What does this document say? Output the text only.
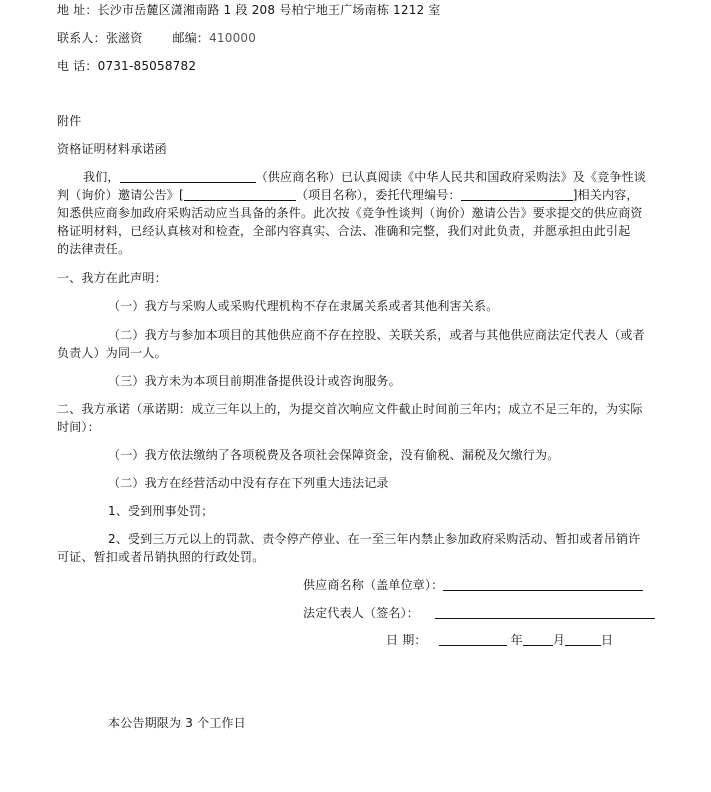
地 址：长沙市岳麓区潇湘南路 1 段 208 号柏宁地王广场南栋 1212 室
联系人：张滋资	邮编：410000
电 话：0731-85058782
附件
资格证明材料承诺函
我们，	（供应商名称）已认真阅读《中华人民共和国政府采购法》及《竞争性谈
判（询价）邀请公告》[	（项目名称），委托代理编号：	]相关内容，
知悉供应商参加政府采购活动应当具备的条件。此次按《竞争性谈判（询价）邀请公告》要求提交的供应商资
格证明材料，已经认真核对和检查，全部内容真实、合法、准确和完整，我们对此负责，并愿承担由此引起
的法律责任。
一、我方在此声明：
（一）我方与采购人或采购代理机构不存在隶属关系或者其他利害关系。
（二）我方与参加本项目的其他供应商不存在控股、关联关系，或者与其他供应商法定代表人（或者
负责人）为同一人。
（三）我方未为本项目前期准备提供设计或咨询服务。
二、我方承诺（承诺期：成立三年以上的，为提交首次响应文件截止时间前三年内；成立不足三年的，为实际
时间）：
（一）我方依法缴纳了各项税费及各项社会保障资金，没有偷税、漏税及欠缴行为。
（二）我方在经营活动中没有存在下列重大违法记录
1、受到刑事处罚；
2、受到三万元以上的罚款、责令停产停业、在一至三年内禁止参加政府采购活动、暂扣或者吊销许
可证、暂扣或者吊销执照的行政处罚。
供应商名称（盖单位章）：
法定代表人（签名）：
日 期：	年	月	日
本公告期限为 3 个工作日
